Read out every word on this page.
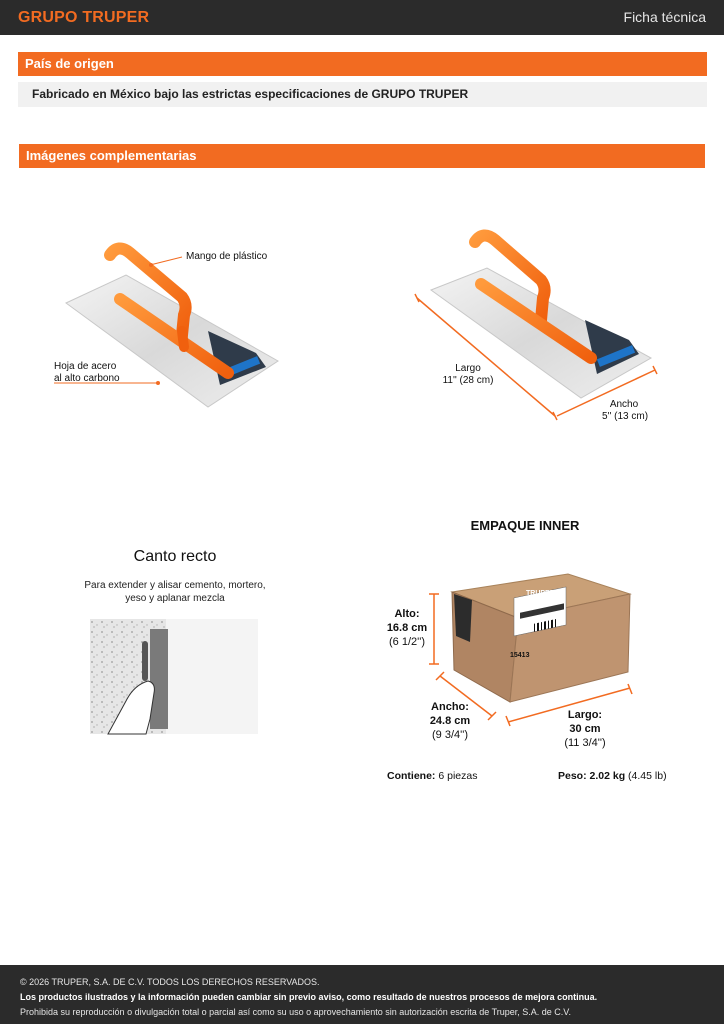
GRUPO TRUPER	Ficha técnica
País de origen
Fabricado en México bajo las estrictas especificaciones de GRUPO TRUPER
Imágenes complementarias
Mango de plástico
Hoja de acero
al alto carbono
Largo
11'' (28 cm)
Ancho
5'' (13 cm)
Canto recto
Para extender y alisar cemento, mortero,
yeso y aplanar mezcla
EMPAQUE INNER
TRUPER
15413
Alto:
16.8 cm
(6 1/2'')
Ancho:
24.8 cm
(9 3/4'')
Largo:
30 cm
(11 3/4'')
Contiene: 6 piezas	Peso: 2.02 kg (4.45 lb)
© 2026 TRUPER, S.A. DE C.V. TODOS LOS DERECHOS RESERVADOS.
Los productos ilustrados y la información pueden cambiar sin previo aviso, como resultado de nuestros procesos de mejora continua.
Prohibida su reproducción o divulgación total o parcial así como su uso o aprovechamiento sin autorización escrita de Truper, S.A. de C.V.
